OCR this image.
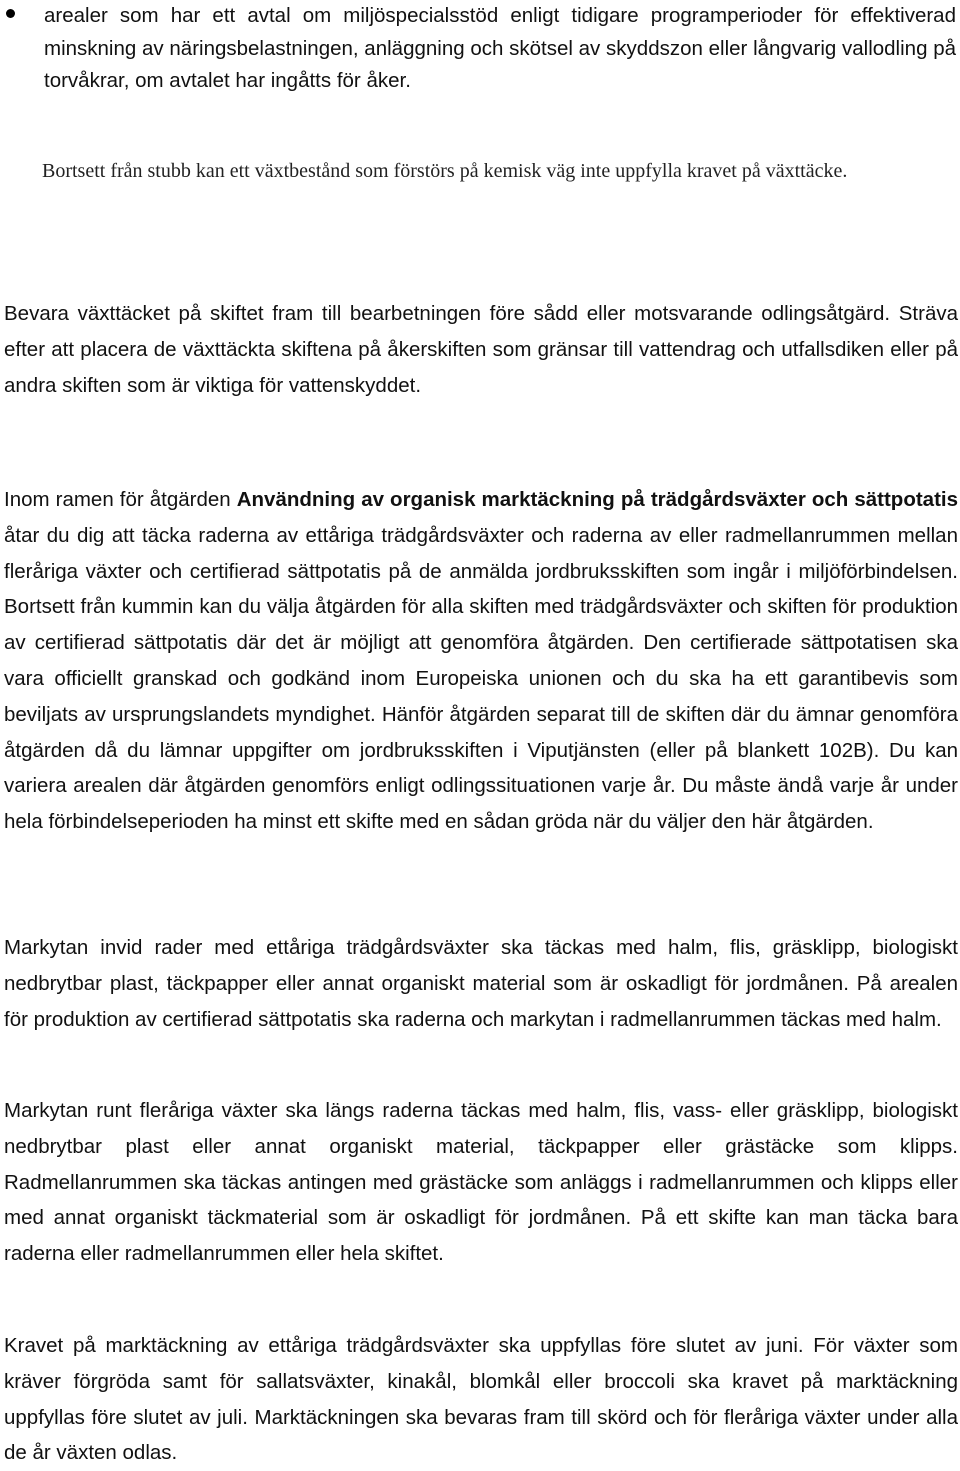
arealer som har ett avtal om miljöspecialsstöd enligt tidigare programperioder för effektiverad minskning av näringsbelastningen, anläggning och skötsel av skyddszon eller långvarig vallodling på torvåkrar, om avtalet har ingåtts för åker.

Bortsett från stubb kan ett växtbestånd som förstörs på kemisk väg inte uppfylla kravet på växttäcke.

Bevara växttäcket på skiftet fram till bearbetningen före sådd eller motsvarande odlingsåtgärd. Sträva efter att placera de växttäckta skiftena på åkerskiften som gränsar till vattendrag och utfallsdiken eller på andra skiften som är viktiga för vattenskyddet.

Inom ramen för åtgärden Användning av organisk marktäckning på trädgårdsväxter och sättpotatis åtar du dig att täcka raderna av ettåriga trädgårdsväxter och raderna av eller radmellanrummen mellan fleråriga växter och certifierad sättpotatis på de anmälda jordbruksskiften som ingår i miljöförbindelsen. Bortsett från kummin kan du välja åtgärden för alla skiften med trädgårdsväxter och skiften för produktion av certifierad sättpotatis där det är möjligt att genomföra åtgärden. Den certifierade sättpotatisen ska vara officiellt granskad och godkänd inom Europeiska unionen och du ska ha ett garantibevis som beviljats av ursprungslandets myndighet. Hänför åtgärden separat till de skiften där du ämnar genomföra åtgärden då du lämnar uppgifter om jordbruksskiften i Viputjänsten (eller på blankett 102B). Du kan variera arealen där åtgärden genomförs enligt odlingssituationen varje år. Du måste ändå varje år under hela förbindelseperioden ha minst ett skifte med en sådan gröda när du väljer den här åtgärden.

Markytan invid rader med ettåriga trädgårdsväxter ska täckas med halm, flis, gräsklipp, biologiskt nedbrytbar plast, täckpapper eller annat organiskt material som är oskadligt för jordmånen. På arealen för produktion av certifierad sättpotatis ska raderna och markytan i radmellanrummen täckas med halm.

Markytan runt fleråriga växter ska längs raderna täckas med halm, flis, vass- eller gräsklipp, biologiskt nedbrytbar plast eller annat organiskt material, täckpapper eller grästäcke som klipps. Radmellanrummen ska täckas antingen med grästäcke som anläggs i radmellanrummen och klipps eller med annat organiskt täckmaterial som är oskadligt för jordmånen. På ett skifte kan man täcka bara raderna eller radmellanrummen eller hela skiftet.

Kravet på marktäckning av ettåriga trädgårdsväxter ska uppfyllas före slutet av juni. För växter som kräver förgröda samt för sallatsväxter, kinakål, blomkål eller broccoli ska kravet på marktäckning uppfyllas före slutet av juli. Marktäckningen ska bevaras fram till skörd och för fleråriga växter under alla de år växten odlas.
